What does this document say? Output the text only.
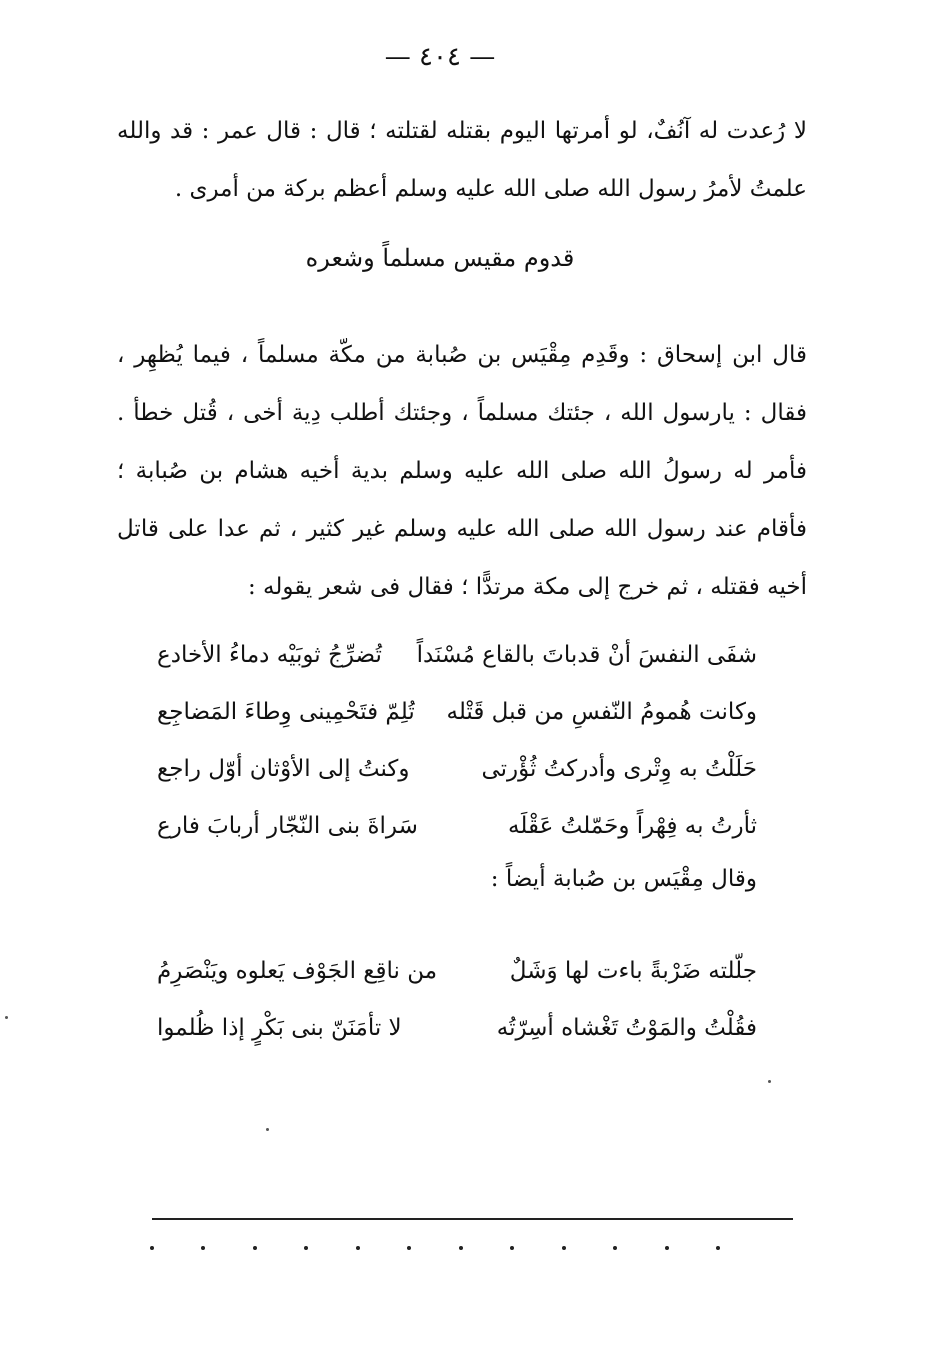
— ٤٠٤ —

لا رُعدت له آنُفٌ، لو أمرتها اليوم بقتله لقتلته ؛ قال : قال عمر : قد والله علمتُ لأمرُ رسول الله صلى الله عليه وسلم أعظم بركة من أمرى .

قدوم مقيس مسلماً وشعره

قال ابن إسحاق : وقَدِم مِقْيَس بن صُبابة من مكّة مسلماً ، فيما يُظهِر ، فقال : يارسول الله ، جئتك مسلماً ، وجئتك أطلب دِية أخى ، قُتل خطأ . فأمر له رسولُ الله صلى الله عليه وسلم بدية أخيه هشام بن صُبابة ؛ فأقام عند رسول الله صلى الله عليه وسلم غير كثير ، ثم عدا على قاتل أخيه فقتله ، ثم خرج إلى مكة مرتدًّا ؛ فقال فى شعر يقوله :

شفَى النفسَ أنْ قدباتَ بالقاع مُسْنَداً
تُضرِّجُ ثوبَيْه دماءُ الأخادع
وكانت هُمومُ النّفسِ من قبل قَتْله
تُلِمّ فتَحْمِينى وِطاءَ المَضاجِع
حَلَلْتُ به وِتْرى وأدركتُ ثُؤْرتى
وكنتُ إلى الأوْثان أوّل راجع
ثأرتُ به فِهْراً وحَمّلتُ عَقْلَه
سَراةَ بنى النّجّار أربابَ فارع
وقال مِقْيَس بن صُبابة أيضاً :
جلّلته ضَرْبةً باءت لها وَشَلٌ
من ناقِع الجَوْف يَعلوه ويَنْصَرِمُ
فقُلْتُ والمَوْتُ تَغْشاه أسِرّتُه
لا تأمَنَنّ بنى بَكْرٍ إذا ظُلموا
